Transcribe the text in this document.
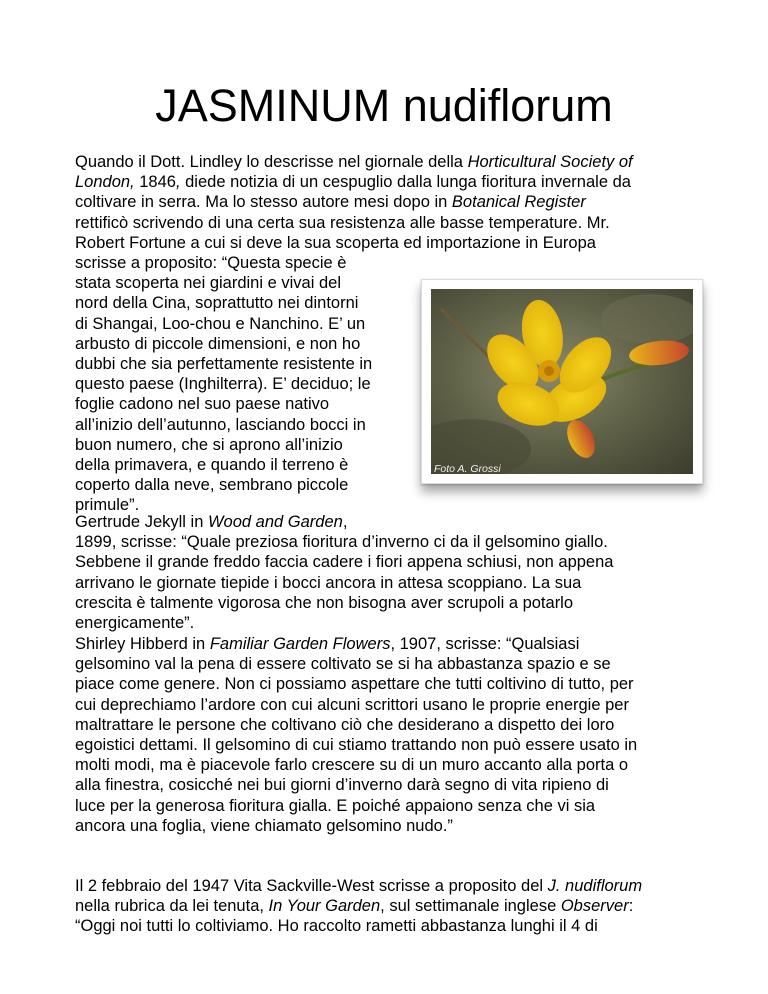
JASMINUM nudiflorum
Quando il Dott. Lindley lo descrisse nel giornale della Horticultural Society of
London, 1846, diede notizia di un cespuglio dalla lunga fioritura invernale da
coltivare in serra. Ma lo stesso autore mesi dopo in Botanical Register
rettificò scrivendo di una certa sua resistenza alle basse temperature. Mr.
Robert Fortune a cui si deve la sua scoperta ed importazione in Europa
scrisse a proposito: “Questa specie è
stata scoperta nei giardini e vivai del
nord della Cina, soprattutto nei dintorni
di Shangai, Loo-chou e Nanchino. E’ un
arbusto di piccole dimensioni, e non ho
dubbi che sia perfettamente resistente in
questo paese (Inghilterra). E’ deciduo; le
foglie cadono nel suo paese nativo
all’inizio dell’autunno, lasciando bocci in
buon numero, che si aprono all’inizio
della primavera, e quando il terreno è
coperto dalla neve, sembrano piccole
primule”.
Gertrude Jekyll in Wood and Garden,
1899, scrisse: “Quale preziosa fioritura d’inverno ci da il gelsomino giallo.
Sebbene il grande freddo faccia cadere i fiori appena schiusi, non appena
arrivano le giornate tiepide i bocci ancora in attesa scoppiano. La sua
crescita è talmente vigorosa che non bisogna aver scrupoli a potarlo
energicamente”.
Shirley Hibberd in Familiar Garden Flowers, 1907, scrisse: “Qualsiasi
gelsomino val la pena di essere coltivato se si ha abbastanza spazio e se
piace come genere. Non ci possiamo aspettare che tutti coltivino di tutto, per
cui deprechiamo l’ardore con cui alcuni scrittori usano le proprie energie per
maltrattare le persone che coltivano ciò che desiderano a dispetto dei loro
egoistici dettami. Il gelsomino di cui stiamo trattando non può essere usato in
molti modi, ma è piacevole farlo crescere su di un muro accanto alla porta o
alla finestra, cosicché nei bui giorni d’inverno darà segno di vita ripieno di
luce per la generosa fioritura gialla. E poiché appaiono senza che vi sia
ancora una foglia, viene chiamato gelsomino nudo.”
Il 2 febbraio del 1947 Vita Sackville-West scrisse a proposito del J. nudiflorum
nella rubrica da lei tenuta, In Your Garden, sul settimanale inglese Observer:
“Oggi noi tutti lo coltiviamo. Ho raccolto rametti abbastanza lunghi il 4 di
Foto A. Grossi
